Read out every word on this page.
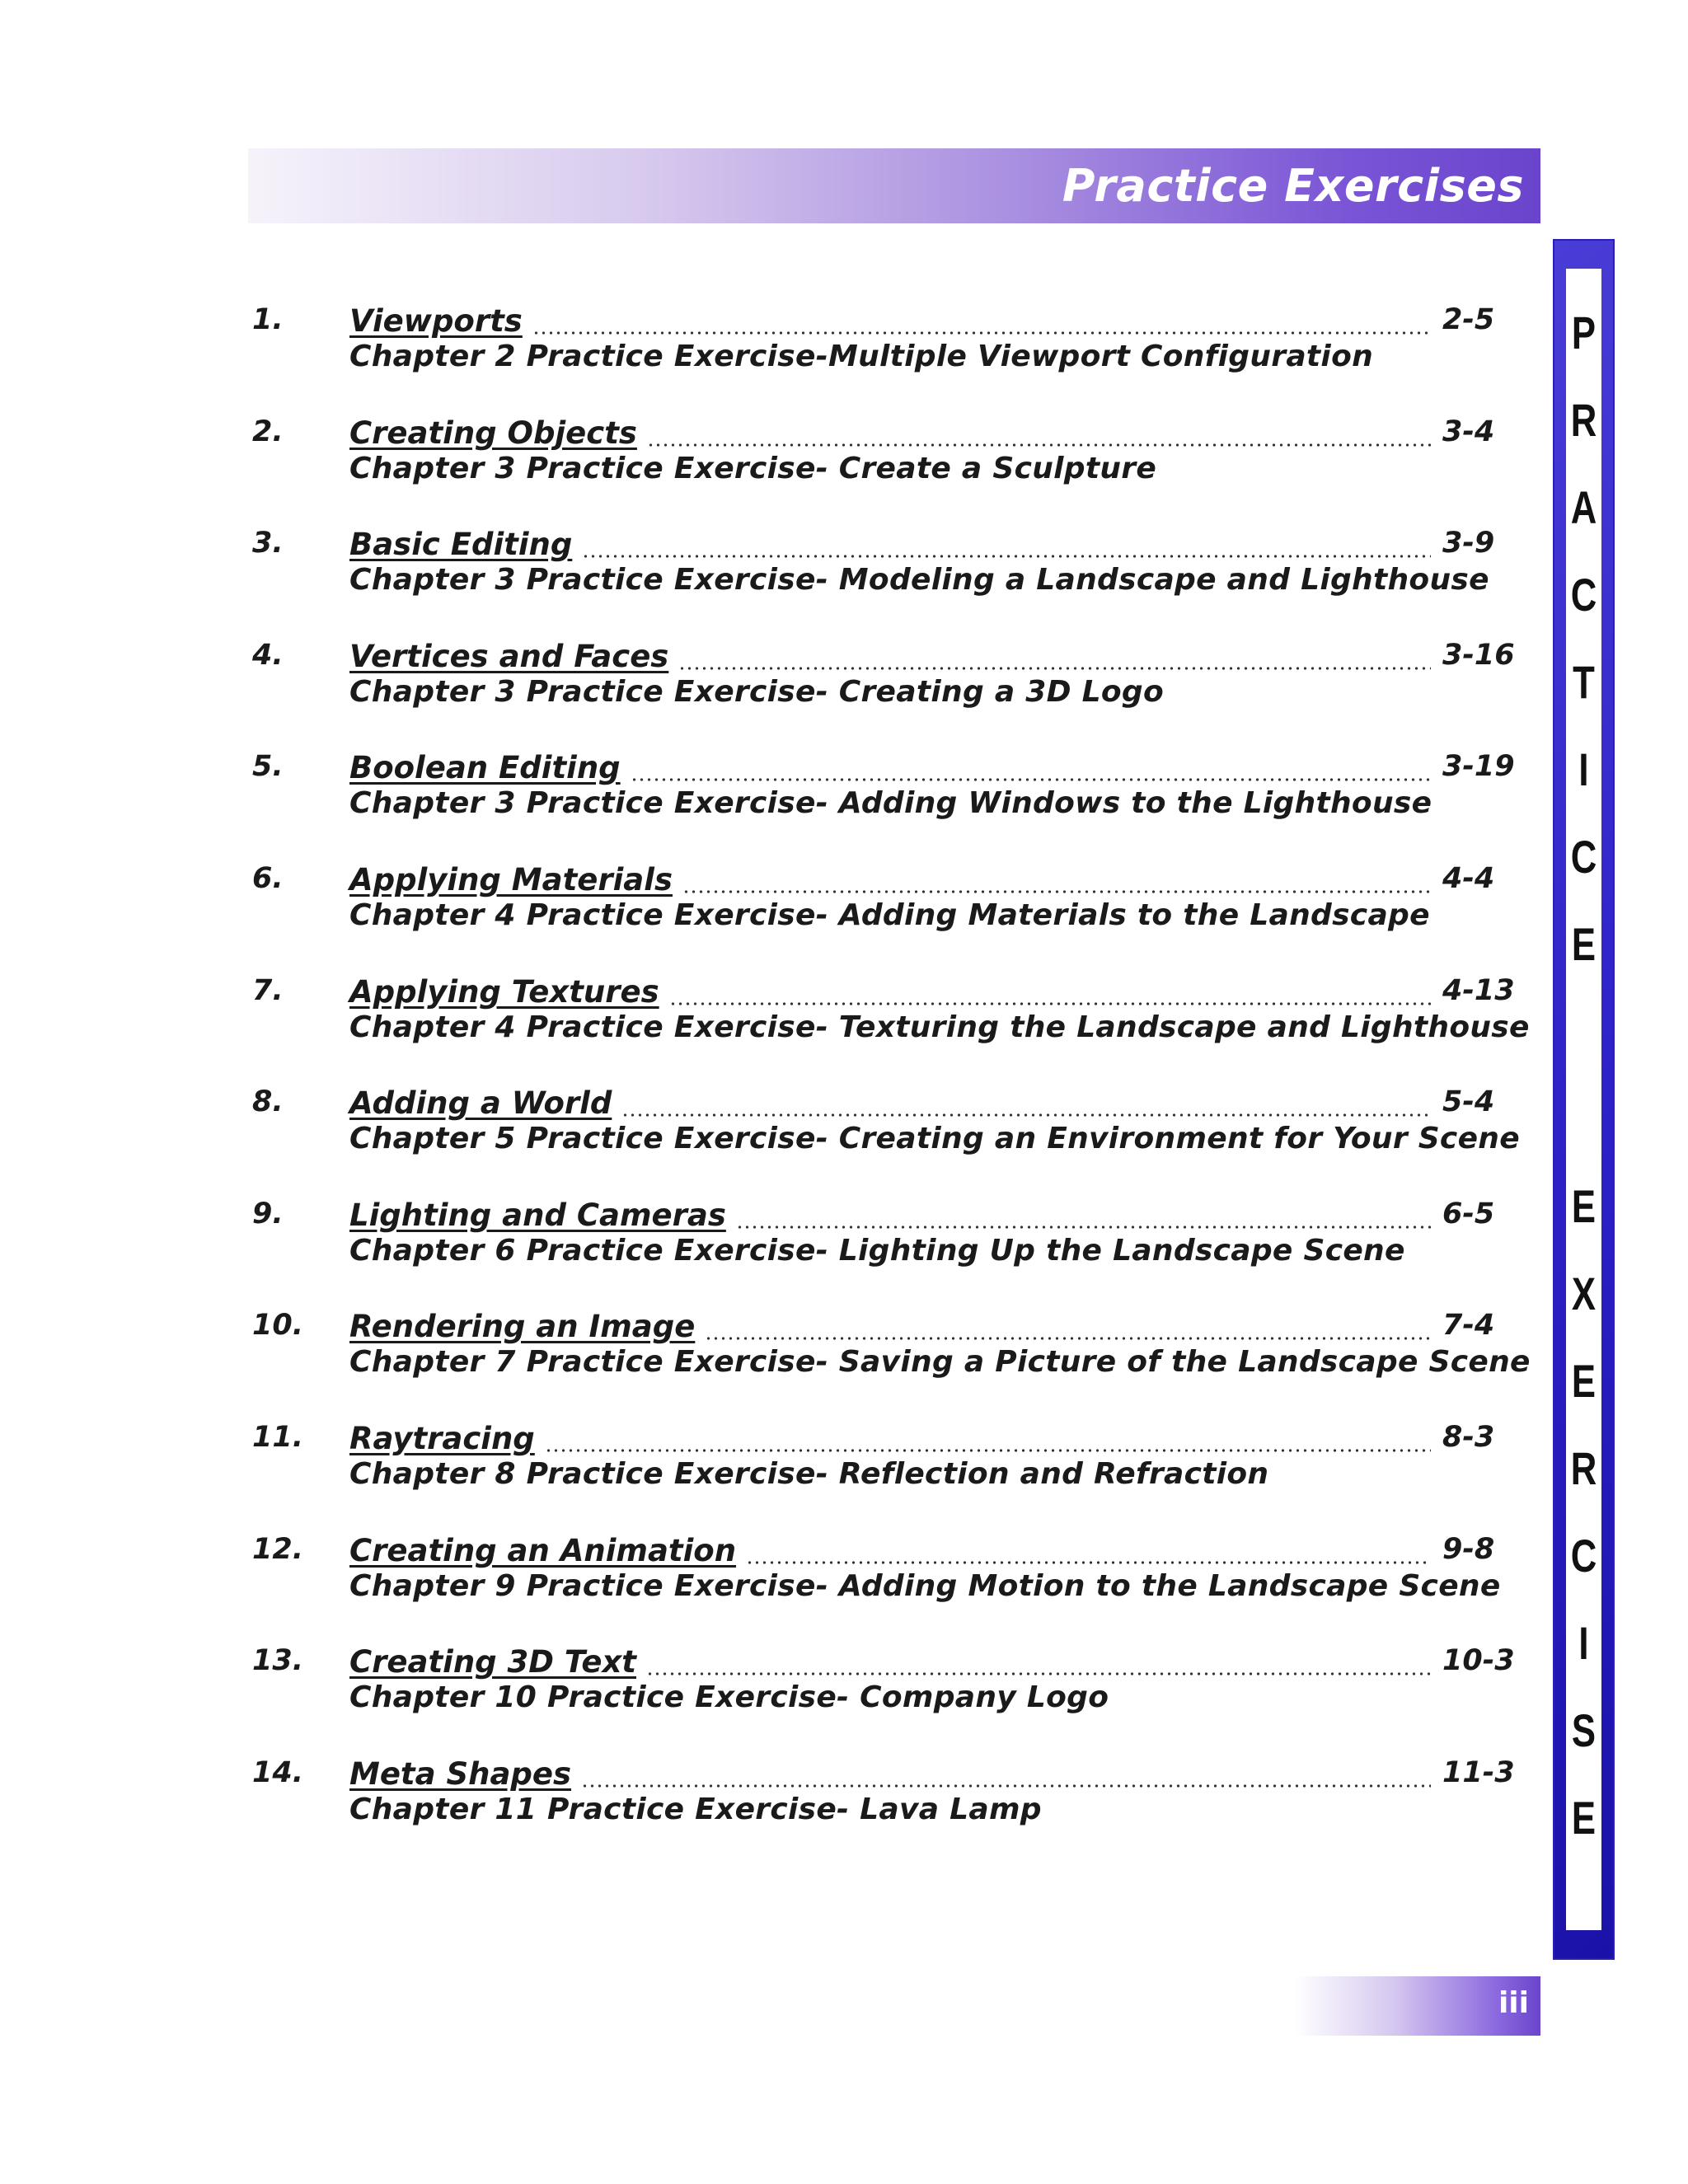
Practice Exercises
P
R
A
C
T
I
C
E
E
X
E
R
C
I
S
E
1. Viewports	2-5
Chapter 2 Practice Exercise-Multiple Viewport Configuration
2. Creating Objects	3-4
Chapter 3 Practice Exercise- Create a Sculpture
3. Basic Editing	3-9
Chapter 3 Practice Exercise- Modeling a Landscape and Lighthouse
4. Vertices and Faces	3-16
Chapter 3 Practice Exercise- Creating a 3D Logo
5. Boolean Editing	3-19
Chapter 3 Practice Exercise- Adding Windows to the Lighthouse
6. Applying Materials	4-4
Chapter 4 Practice Exercise- Adding Materials to the Landscape
7. Applying Textures	4-13
Chapter 4 Practice Exercise- Texturing the Landscape and Lighthouse
8. Adding a World	5-4
Chapter 5 Practice Exercise- Creating an Environment for Your Scene
9. Lighting and Cameras	6-5
Chapter 6 Practice Exercise- Lighting Up the Landscape Scene
10. Rendering an Image	7-4
Chapter 7 Practice Exercise- Saving a Picture of the Landscape Scene
11. Raytracing	8-3
Chapter 8 Practice Exercise- Reflection and Refraction
12. Creating an Animation	9-8
Chapter 9 Practice Exercise- Adding Motion to the Landscape Scene
13. Creating 3D Text	10-3
Chapter 10 Practice Exercise- Company Logo
14. Meta Shapes	11-3
Chapter 11 Practice Exercise- Lava Lamp
iii
